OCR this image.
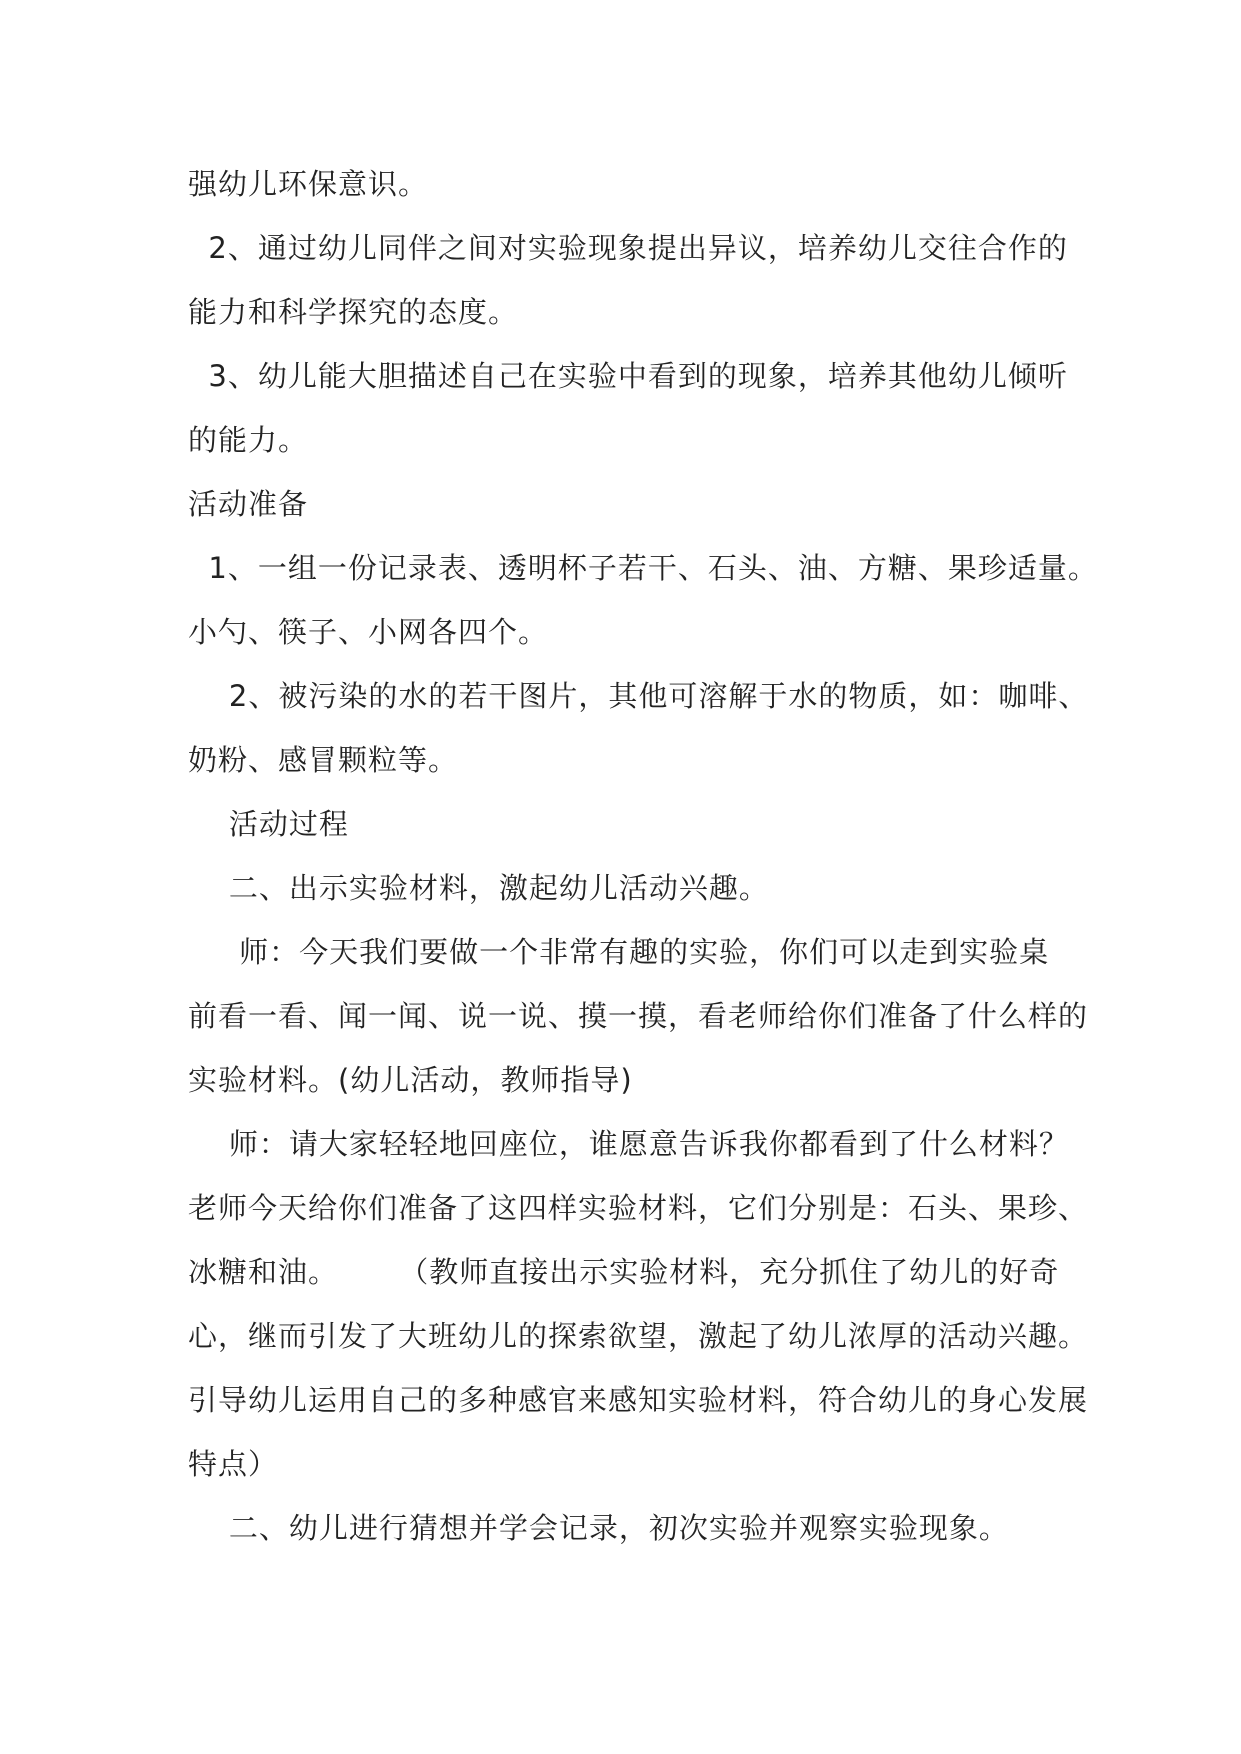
强幼儿环保意识。
2、通过幼儿同伴之间对实验现象提出异议，培养幼儿交往合作的
能力和科学探究的态度。
3、幼儿能大胆描述自己在实验中看到的现象，培养其他幼儿倾听
的能力。
活动准备
1、一组一份记录表、透明杯子若干、石头、油、方糖、果珍适量。
小勺、筷子、小网各四个。
2、被污染的水的若干图片，其他可溶解于水的物质，如：咖啡、
奶粉、感冒颗粒等。
活动过程
二、出示实验材料，激起幼儿活动兴趣。
师：今天我们要做一个非常有趣的实验，你们可以走到实验桌
前看一看、闻一闻、说一说、摸一摸，看老师给你们准备了什么样的
实验材料。(幼儿活动，教师指导)
师：请大家轻轻地回座位，谁愿意告诉我你都看到了什么材料？
老师今天给你们准备了这四样实验材料，它们分别是：石头、果珍、
冰糖和油。      （教师直接出示实验材料，充分抓住了幼儿的好奇
心，继而引发了大班幼儿的探索欲望，激起了幼儿浓厚的活动兴趣。
引导幼儿运用自己的多种感官来感知实验材料，符合幼儿的身心发展
特点）
二、幼儿进行猜想并学会记录，初次实验并观察实验现象。
